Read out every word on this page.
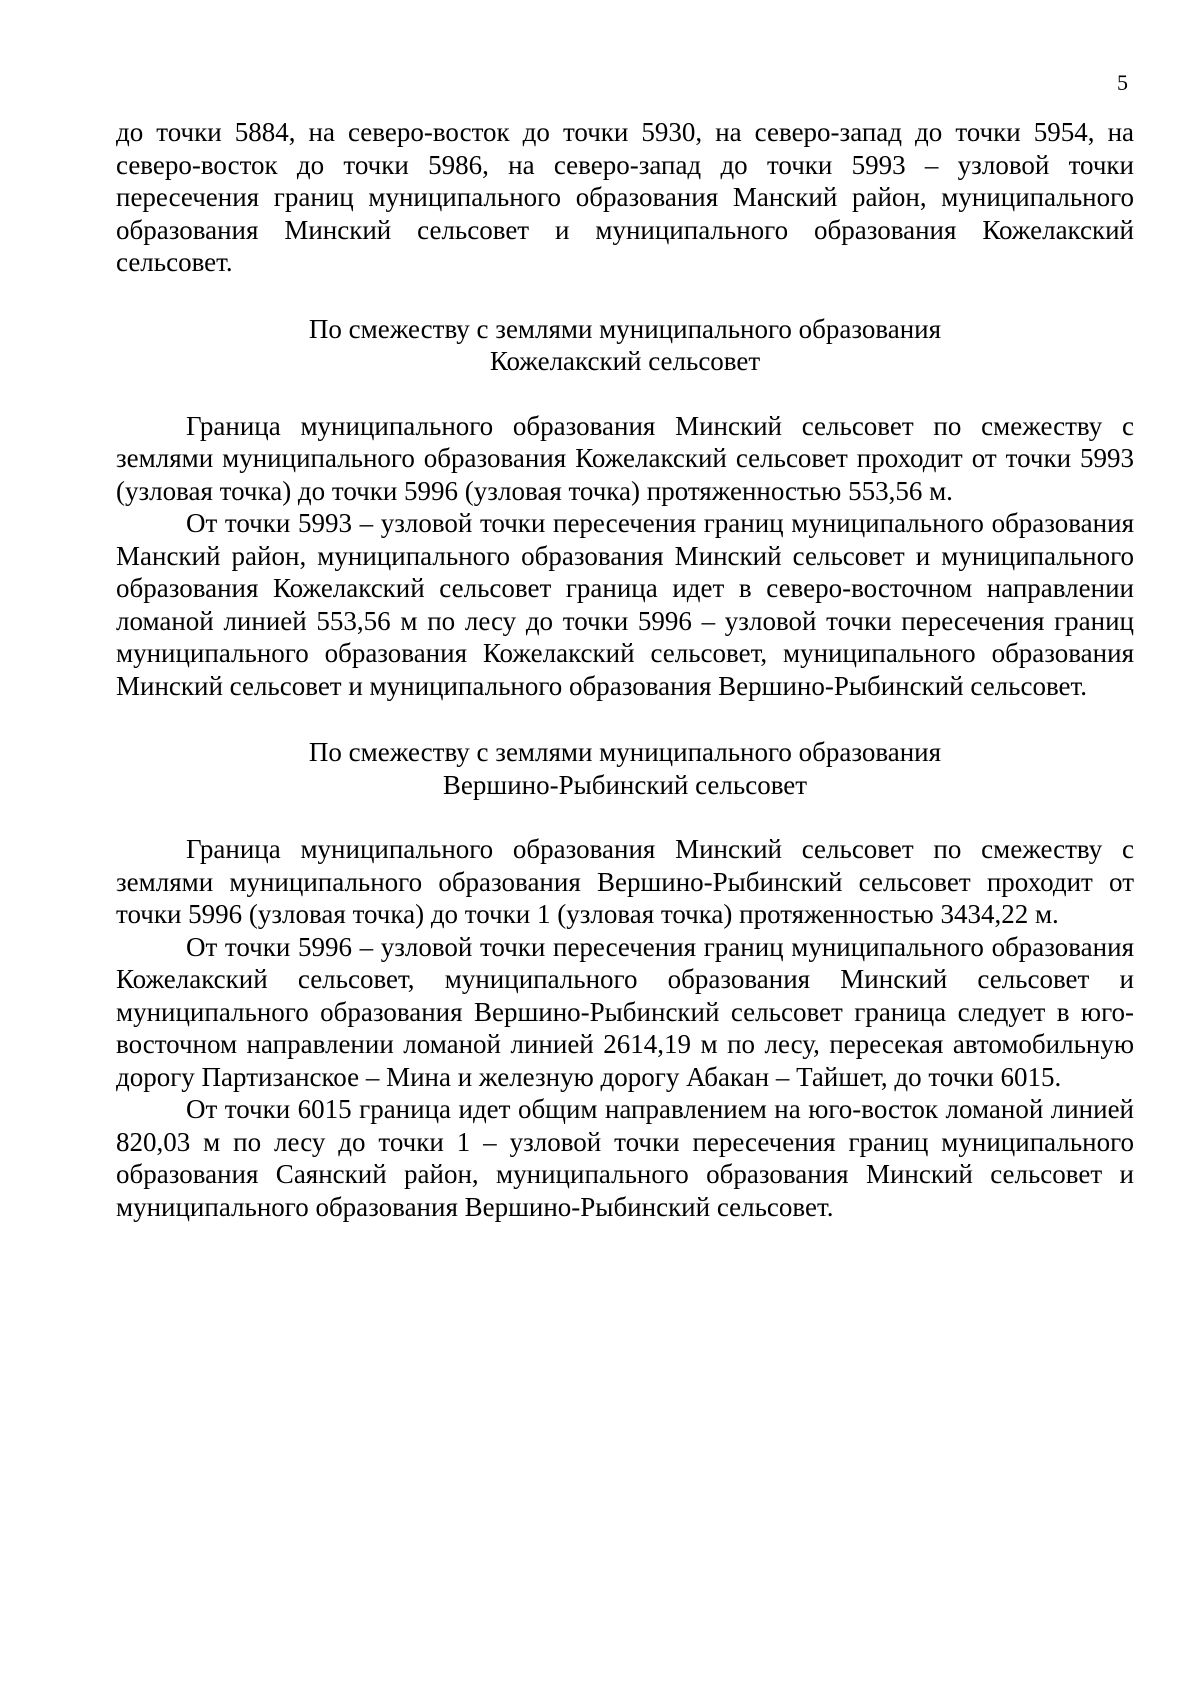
5

до точки 5884, на северо-восток до точки 5930, на северо-запад до точки 5954, на северо-восток до точки 5986, на северо-запад до точки 5993 – узловой точки пересечения границ муниципального образования Манский район, муниципального образования Минский сельсовет и муниципального образования Кожелакский сельсовет.

По смежеству с землями муниципального образования
Кожелакский сельсовет

Граница муниципального образования Минский сельсовет по смежеству с землями муниципального образования Кожелакский сельсовет проходит от точки 5993 (узловая точка) до точки 5996 (узловая точка) протяженностью 553,56 м.

От точки 5993 – узловой точки пересечения границ муниципального образования Манский район, муниципального образования Минский сельсовет и муниципального образования Кожелакский сельсовет граница идет в северо-восточном направлении ломаной линией 553,56 м по лесу до точки 5996 – узловой точки пересечения границ муниципального образования Кожелакский сельсовет, муниципального образования Минский сельсовет и муниципального образования Вершино-Рыбинский сельсовет.

По смежеству с землями муниципального образования
Вершино-Рыбинский сельсовет

Граница муниципального образования Минский сельсовет по смежеству с землями муниципального образования Вершино-Рыбинский сельсовет проходит от точки 5996 (узловая точка) до точки 1 (узловая точка) протяженностью 3434,22 м.

От точки 5996 – узловой точки пересечения границ муниципального образования Кожелакский сельсовет, муниципального образования Минский сельсовет и муниципального образования Вершино-Рыбинский сельсовет граница следует в юго-восточном направлении ломаной линией 2614,19 м по лесу, пересекая автомобильную дорогу Партизанское – Мина и железную дорогу Абакан – Тайшет, до точки 6015.

От точки 6015 граница идет общим направлением на юго-восток ломаной линией 820,03 м по лесу до точки 1 – узловой точки пересечения границ муниципального образования Саянский район, муниципального образования Минский сельсовет и муниципального образования Вершино-Рыбинский сельсовет.
